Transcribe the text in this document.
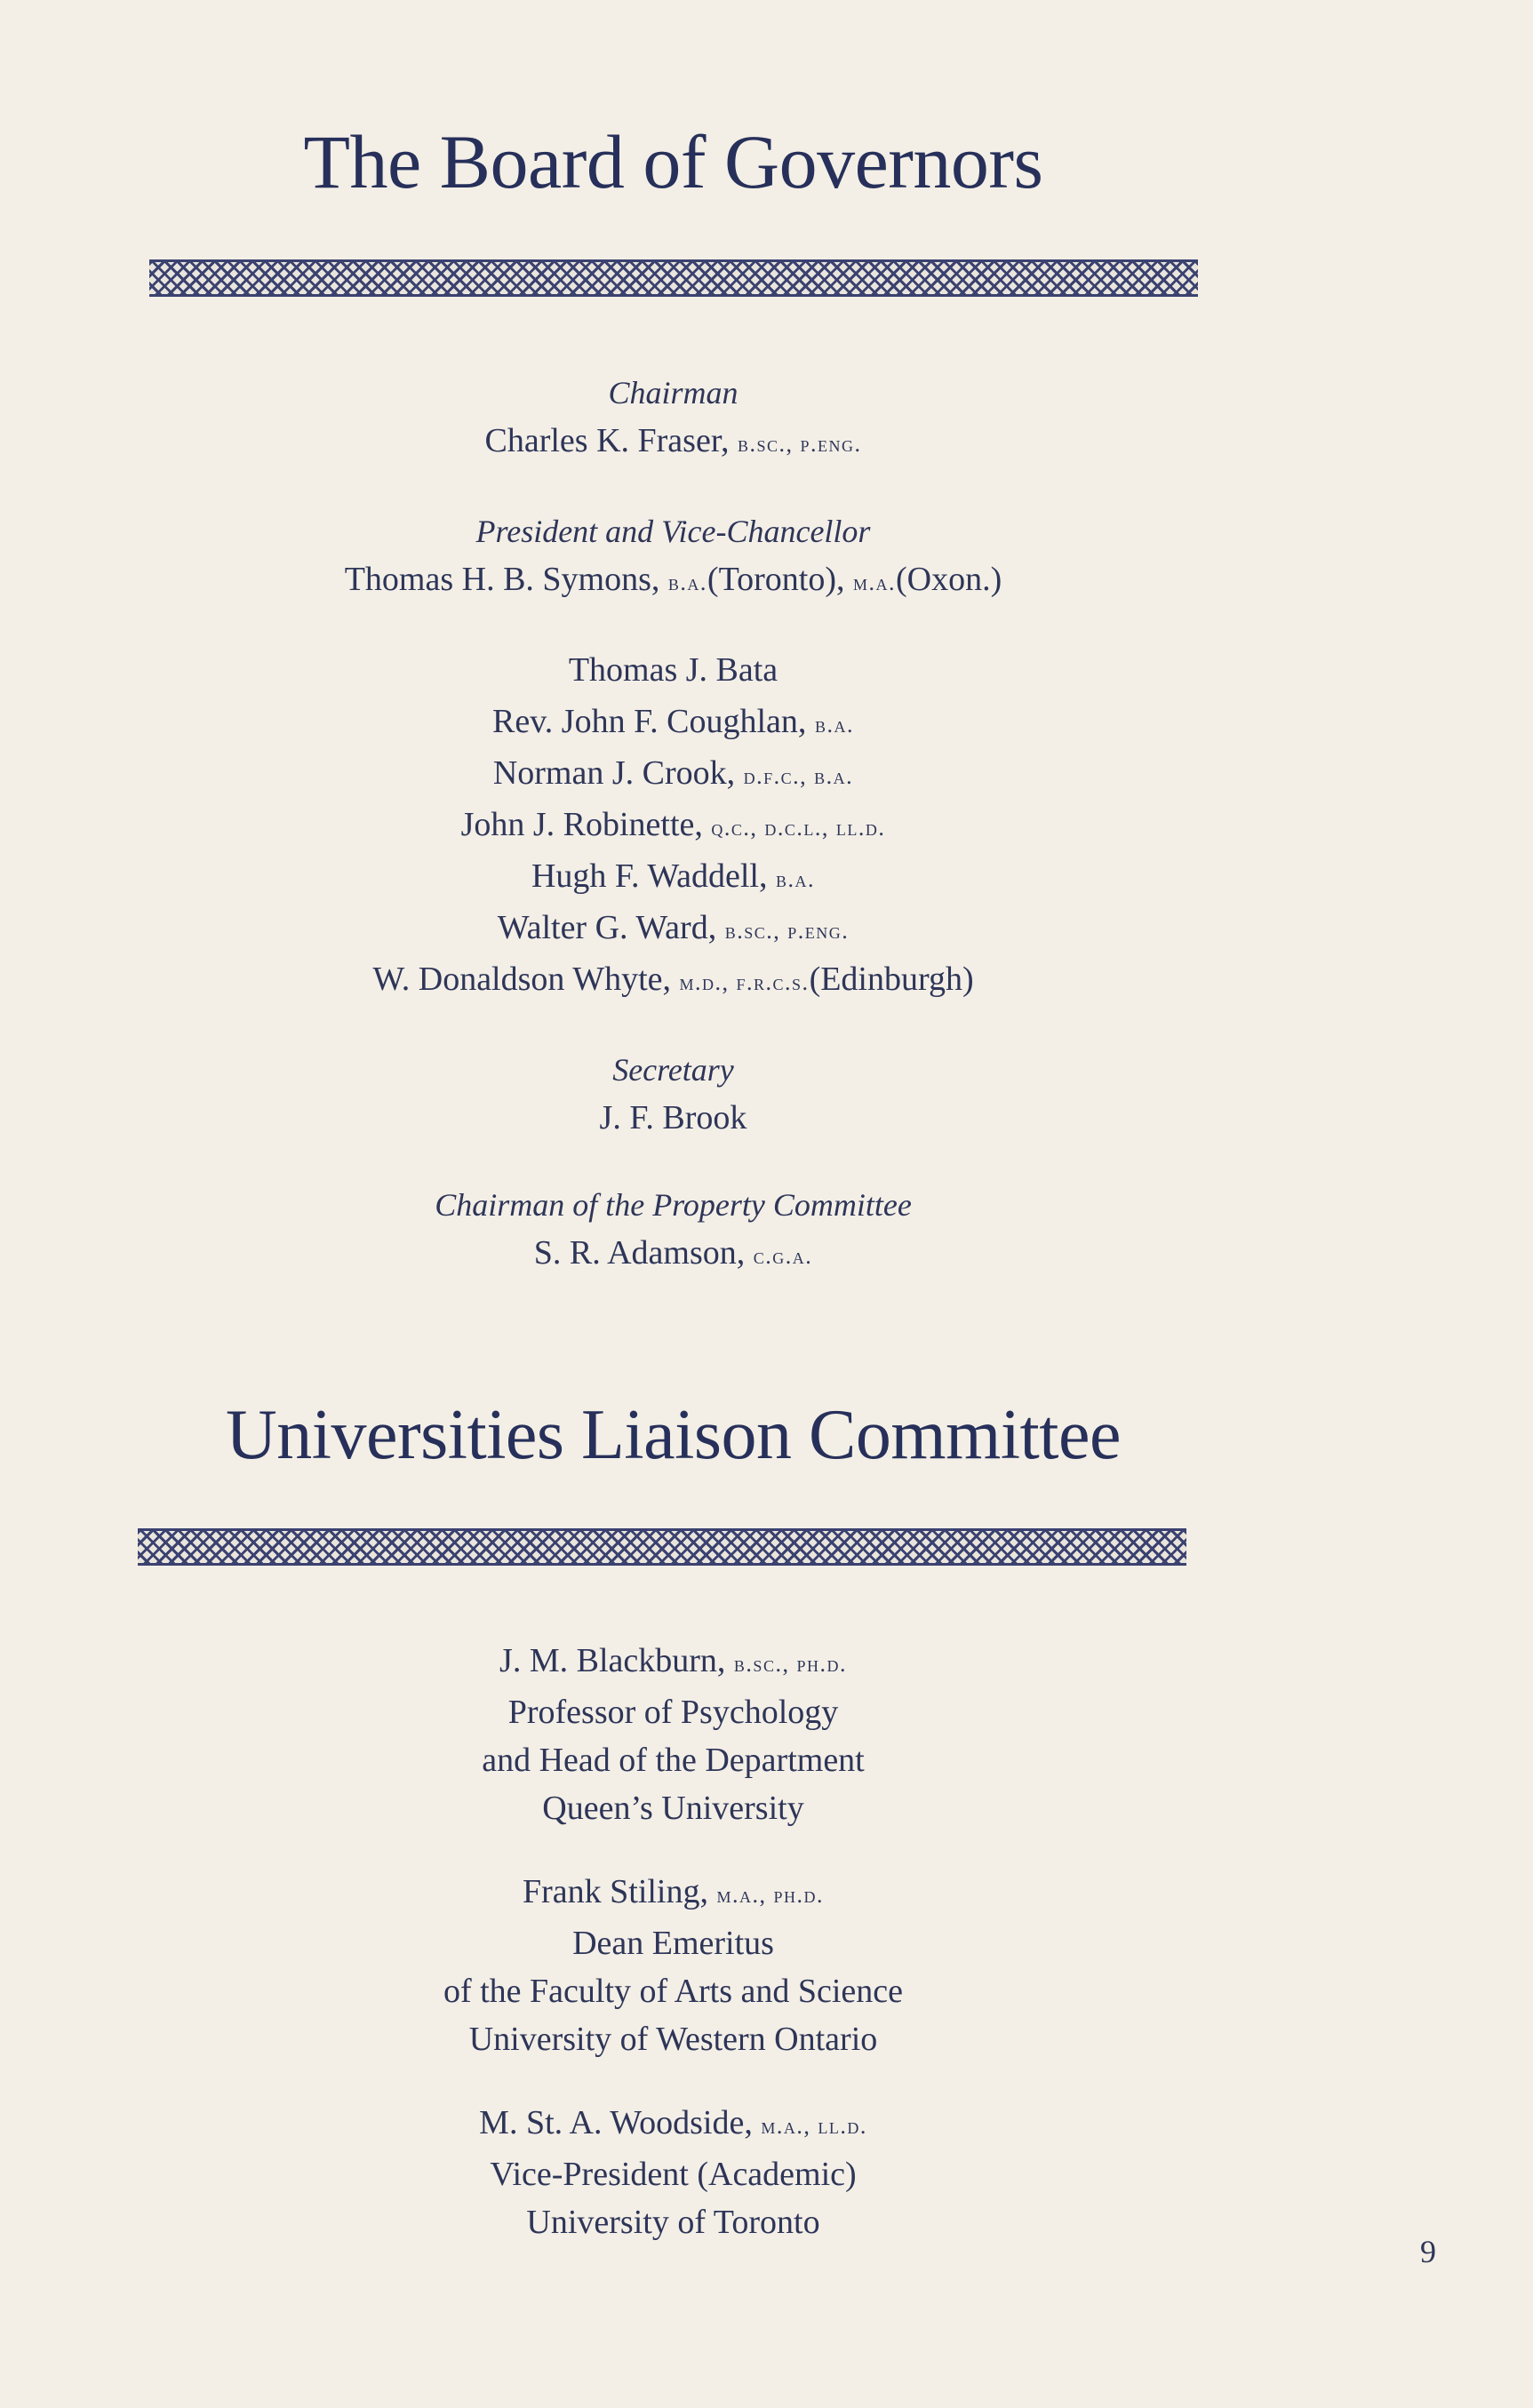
The Board of Governors
Chairman
Charles K. Fraser, b.sc., p.eng.
President and Vice-Chancellor
Thomas H. B. Symons, b.a.(Toronto), m.a.(Oxon.)
Thomas J. Bata
Rev. John F. Coughlan, b.a.
Norman J. Crook, d.f.c., b.a.
John J. Robinette, q.c., d.c.l., ll.d.
Hugh F. Waddell, b.a.
Walter G. Ward, b.sc., p.eng.
W. Donaldson Whyte, m.d., f.r.c.s.(Edinburgh)
Secretary
J. F. Brook
Chairman of the Property Committee
S. R. Adamson, c.g.a.
Universities Liaison Committee
J. M. Blackburn, b.sc., ph.d.
Professor of Psychology
and Head of the Department
Queen’s University
Frank Stiling, m.a., ph.d.
Dean Emeritus
of the Faculty of Arts and Science
University of Western Ontario
M. St. A. Woodside, m.a., ll.d.
Vice-President (Academic)
University of Toronto
9
